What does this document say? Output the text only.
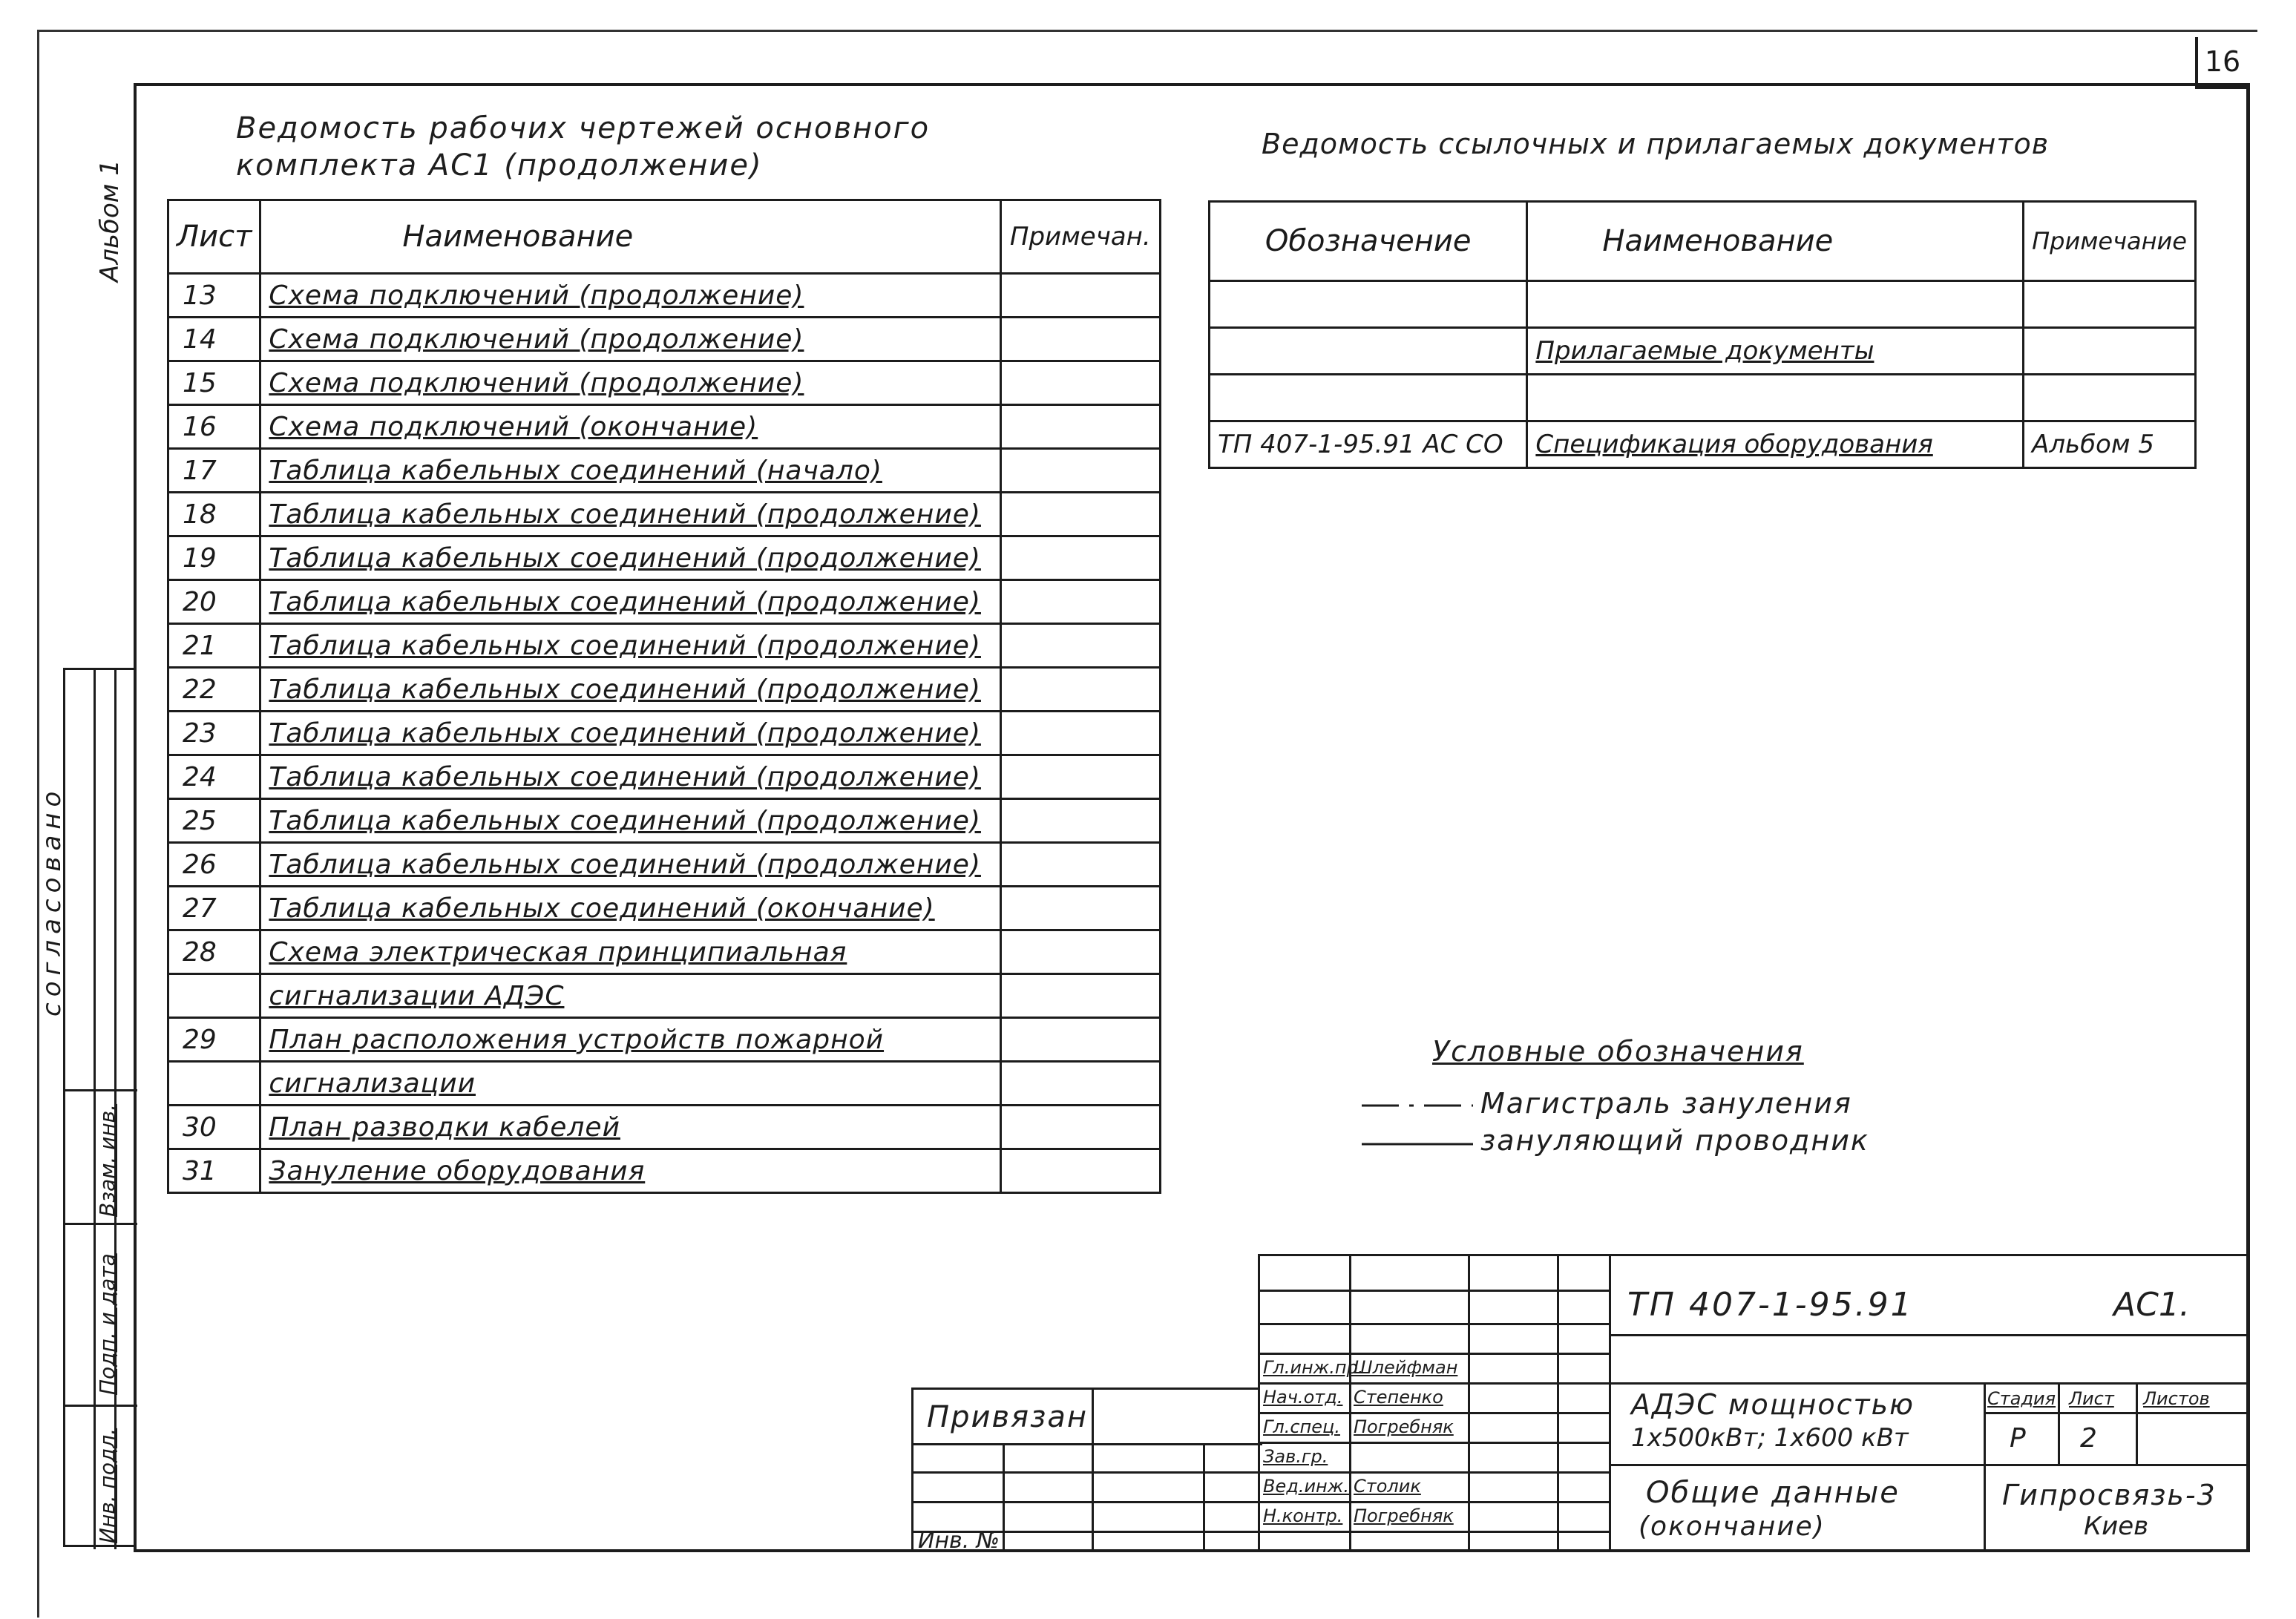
16
Альбом 1
согласовано
Взам. инв.
Подп. и дата
Инв. подл.
Ведомость рабочих чертежей основного
комплекта АС1 (продолжение)
Лист	Наименование	Примечан.
13	Схема подключений (продолжение)	
14	Схема подключений (продолжение)	
15	Схема подключений (продолжение)	
16	Схема подключений (окончание)	
17	Таблица кабельных соединений (начало)	
18	Таблица кабельных соединений (продолжение)	
19	Таблица кабельных соединений (продолжение)	
20	Таблица кабельных соединений (продолжение)	
21	Таблица кабельных соединений (продолжение)	
22	Таблица кабельных соединений (продолжение)	
23	Таблица кабельных соединений (продолжение)	
24	Таблица кабельных соединений (продолжение)	
25	Таблица кабельных соединений (продолжение)	
26	Таблица кабельных соединений (продолжение)	
27	Таблица кабельных соединений (окончание)	
28	Схема электрическая принципиальная	
	сигнализации АДЭС	
29	План расположения устройств пожарной	
	сигнализации	
30	План разводки кабелей	
31	Зануление оборудования	
Ведомость ссылочных и прилагаемых документов
Обозначение	Наименование	Примечание

	Прилагаемые документы	

ТП 407-1-95.91 АС СО	Спецификация оборудования	Альбом 5
Условные обозначения
Магистраль зануления
зануляющий проводник
Привязан
Инв. №
Гл.инж.пр.
Шлейфман
Нач.отд. Степенко
Гл.спец. Погребняк
Зав.гр.
Вед.инж. Столик
Н.контр. Погребняк
ТП 407-1-95.91	АС1.
АДЭС мощностью
1x500кВт; 1x600 кВт
Стадия Лист Листов
Р 2
Общие данные
(окончание)
Гипросвязь-3
Киев
